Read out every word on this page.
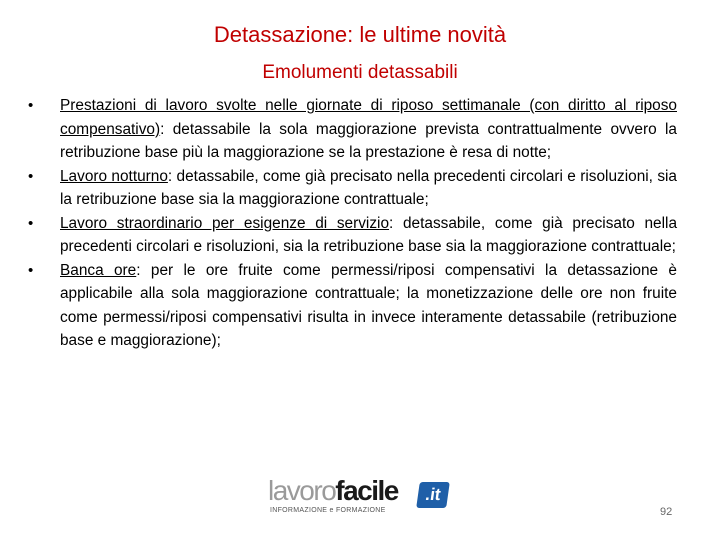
Detassazione: le ultime novità
Emolumenti detassabili
• Prestazioni di lavoro svolte nelle giornate di riposo settimanale (con diritto al riposo compensativo): detassabile la sola maggiorazione prevista contrattualmente ovvero la retribuzione base più la maggiorazione se la prestazione è resa di notte;
• Lavoro notturno: detassabile, come già precisato nella precedenti circolari e risoluzioni, sia la retribuzione base sia la maggiorazione contrattuale;
• Lavoro straordinario per esigenze di servizio: detassabile, come già precisato nella precedenti circolari e risoluzioni, sia la retribuzione base sia la maggiorazione contrattuale;
• Banca ore: per le ore fruite come permessi/riposi compensativi la detassazione è applicabile alla sola maggiorazione contrattuale; la monetizzazione delle ore non fruite come permessi/riposi compensativi risulta in invece interamente detassabile (retribuzione base e maggiorazione);
lavorofacile	.it
INFORMAZIONE e FORMAZIONE	92
